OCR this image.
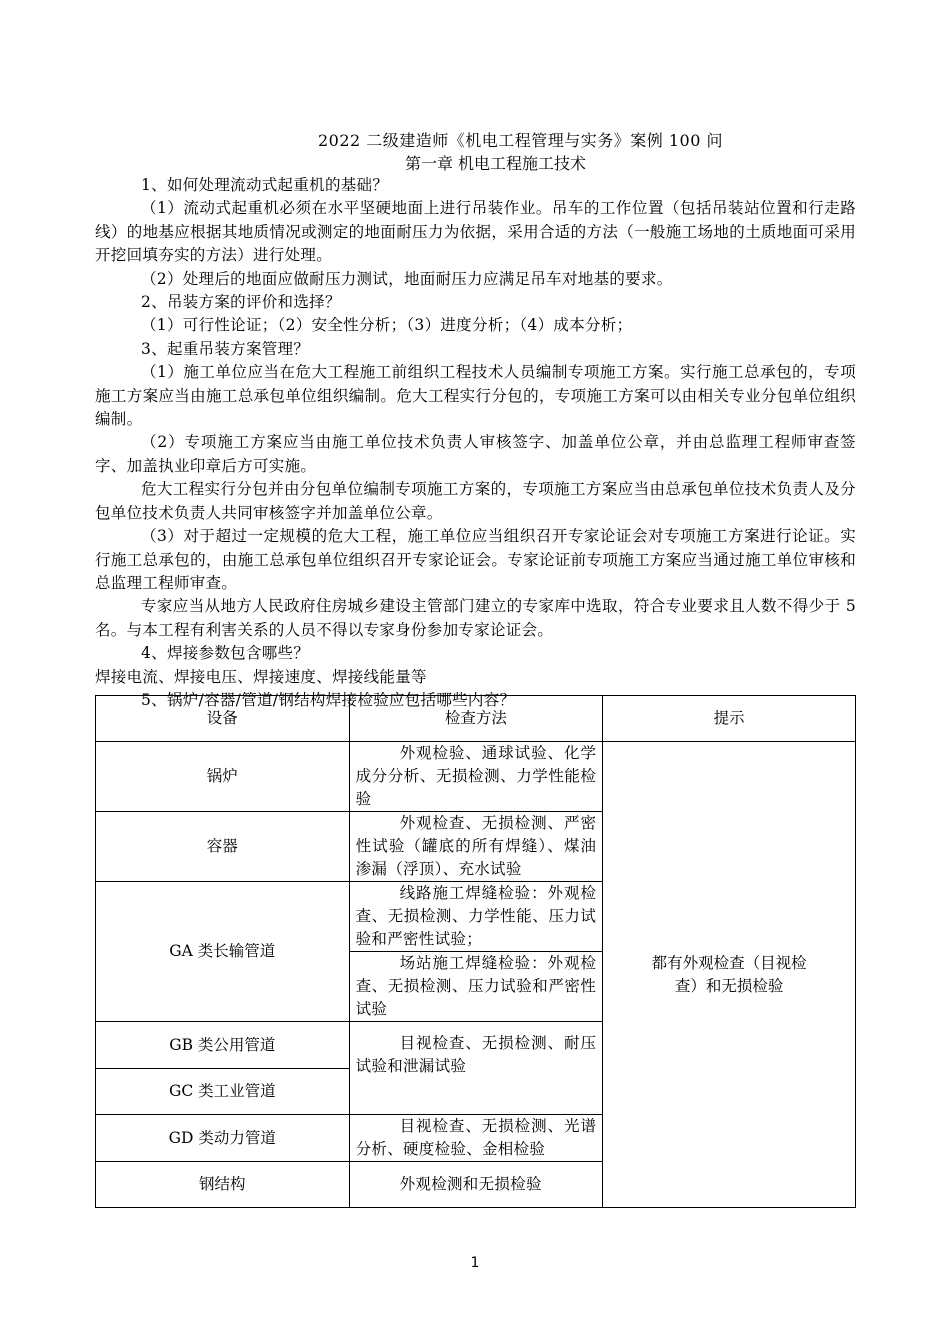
2022 二级建造师《机电工程管理与实务》案例 100 问
第一章 机电工程施工技术

1、如何处理流动式起重机的基础？

（1）流动式起重机必须在水平坚硬地面上进行吊装作业。吊车的工作位置（包括吊装站位置和行走路线）的地基应根据其地质情况或测定的地面耐压力为依据，采用合适的方法（一般施工场地的土质地面可采用开挖回填夯实的方法）进行处理。

（2）处理后的地面应做耐压力测试，地面耐压力应满足吊车对地基的要求。

2、吊装方案的评价和选择？

（1）可行性论证；（2）安全性分析；（3）进度分析；（4）成本分析；

3、起重吊装方案管理？

（1）施工单位应当在危大工程施工前组织工程技术人员编制专项施工方案。实行施工总承包的，专项施工方案应当由施工总承包单位组织编制。危大工程实行分包的，专项施工方案可以由相关专业分包单位组织编制。

（2）专项施工方案应当由施工单位技术负责人审核签字、加盖单位公章，并由总监理工程师审查签字、加盖执业印章后方可实施。

危大工程实行分包并由分包单位编制专项施工方案的，专项施工方案应当由总承包单位技术负责人及分包单位技术负责人共同审核签字并加盖单位公章。

（3）对于超过一定规模的危大工程，施工单位应当组织召开专家论证会对专项施工方案进行论证。实行施工总承包的，由施工总承包单位组织召开专家论证会。专家论证前专项施工方案应当通过施工单位审核和总监理工程师审查。

专家应当从地方人民政府住房城乡建设主管部门建立的专家库中选取，符合专业要求且人数不得少于 5 名。与本工程有利害关系的人员不得以专家身份参加专家论证会。

4、焊接参数包含哪些？

焊接电流、焊接电压、焊接速度、焊接线能量等

5、锅炉/容器/管道/钢结构焊接检验应包括哪些内容？

设备	检查方法	提示
锅炉	外观检验、通球试验、化学成分分析、无损检测、力学性能检验	都有外观检查（目视检查）和无损检验
容器	外观检查、无损检测、严密性试验（罐底的所有焊缝）、煤油渗漏（浮顶）、充水试验	
GA 类长输管道	线路施工焊缝检验：外观检查、无损检测、力学性能、压力试验和严密性试验；	
	场站施工焊缝检验：外观检查、无损检测、压力试验和严密性试验	
GB 类公用管道	目视检查、无损检测、耐压试验和泄漏试验	
GC 类工业管道		
GD 类动力管道	目视检查、无损检测、光谱分析、硬度检验、金相检验	
钢结构	外观检测和无损检验	
1
